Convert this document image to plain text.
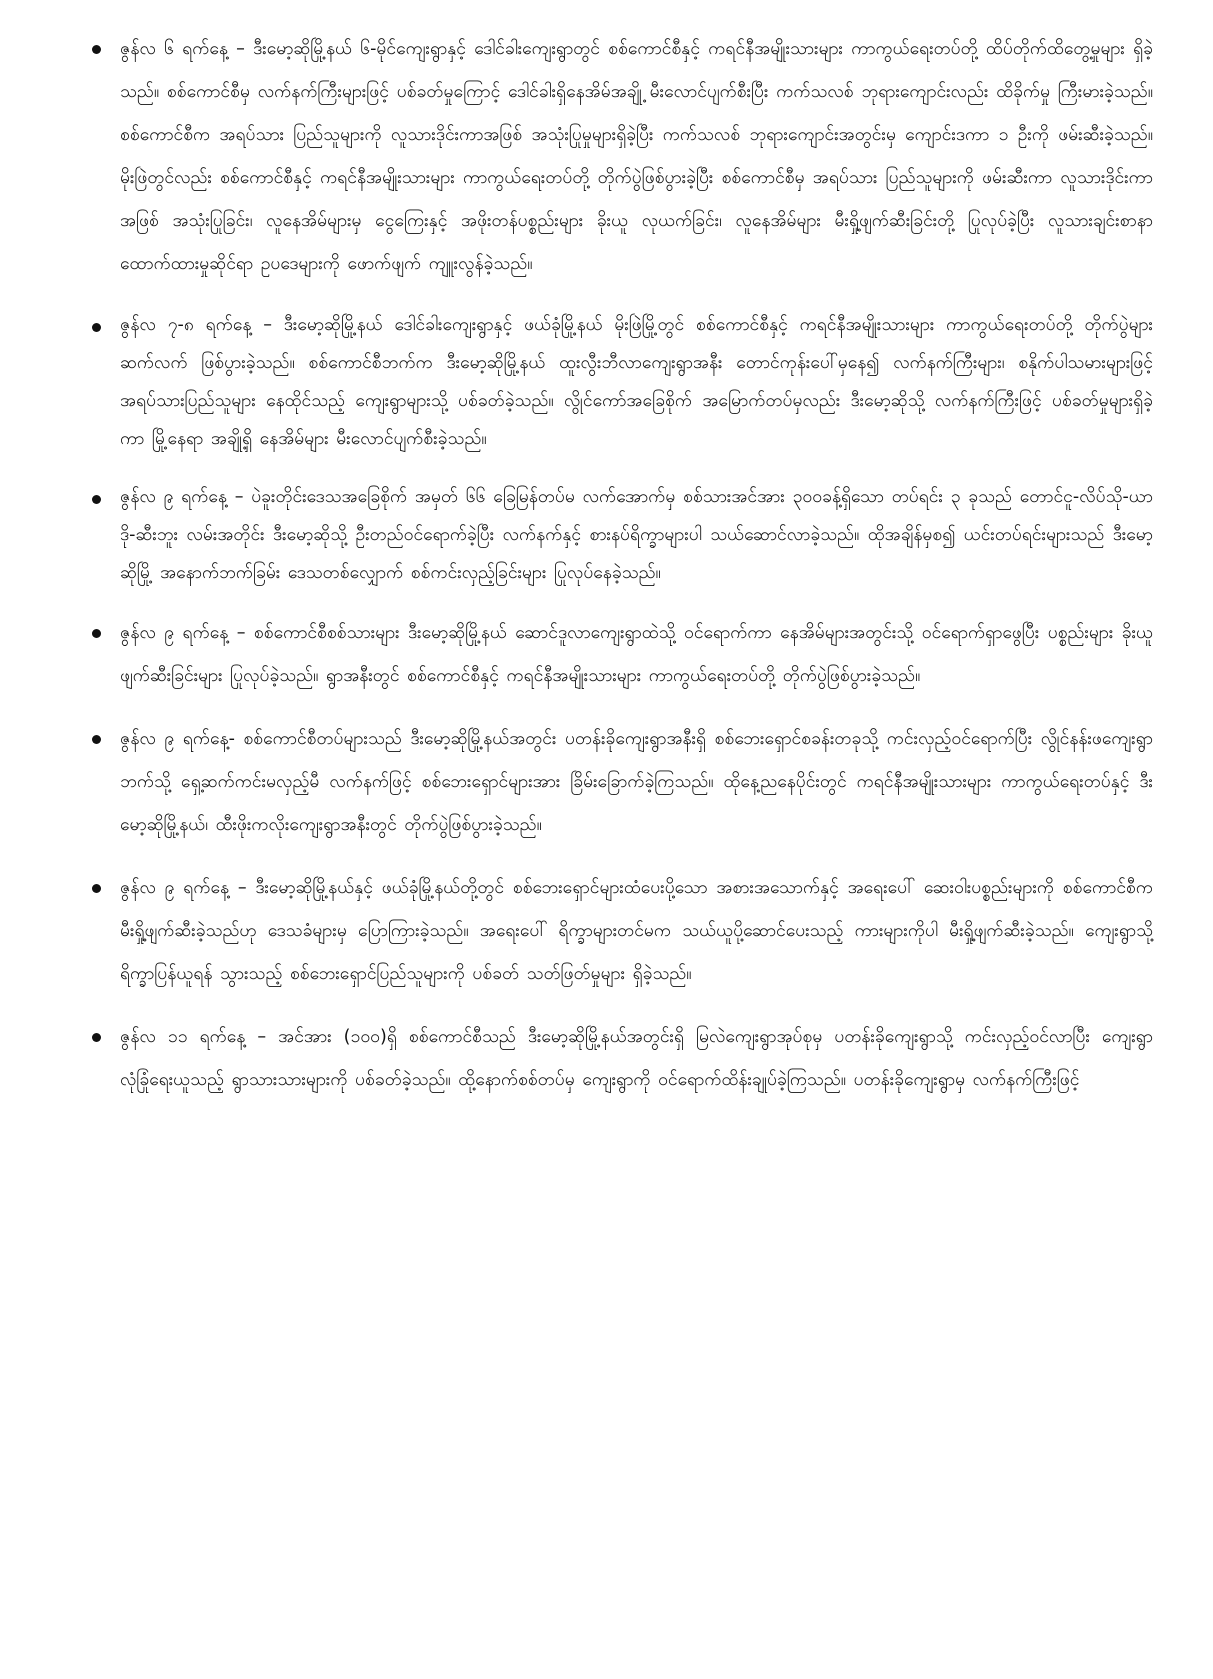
ဇွန်လ ၆ ရက်နေ့ – ဒီးမော့ဆိုမြို့နယ် ၆-မိုင်ကျေးရွာနှင့် ဒေါင်ခါးကျေးရွာတွင် စစ်ကောင်စီနှင့် ကရင်နီအမျိုးသားများ ကာကွယ်ရေးတပ်တို့ ထိပ်တိုက်ထိတွေ့မှုများ ရှိခဲ့သည်။ စစ်ကောင်စီမှ လက်နက်ကြီးများဖြင့် ပစ်ခတ်မှုကြောင့် ဒေါင်ခါးရှိနေအိမ်အချို့ မီးလောင်ပျက်စီးပြီး ကက်သလစ် ဘုရားကျောင်းလည်း ထိခိုက်မှု ကြီးမားခဲ့သည်။ စစ်ကောင်စီက အရပ်သား ပြည်သူများကို လူသားဒိုင်းကာအဖြစ် အသုံးပြုမှုများရှိခဲ့ပြီး ကက်သလစ် ဘုရားကျောင်းအတွင်းမှ ကျောင်းဒကာ ၁ ဦးကို ဖမ်းဆီးခဲ့သည်။ မိုးဖြဲတွင်လည်း စစ်ကောင်စီနှင့် ကရင်နီအမျိုးသားများ ကာကွယ်ရေးတပ်တို့ တိုက်ပွဲဖြစ်ပွားခဲ့ပြီး စစ်ကောင်စီမှ အရပ်သား ပြည်သူများကို ဖမ်းဆီးကာ လူသားဒိုင်းကာအဖြစ် အသုံးပြုခြင်း၊ လူနေအိမ်များမှ ငွေကြေးနှင့် အဖိုးတန်ပစ္စည်းများ ခိုးယူ လုယက်ခြင်း၊ လူနေအိမ်များ မီးရှို့ဖျက်ဆီးခြင်းတို့ ပြုလုပ်ခဲ့ပြီး လူသားချင်းစာနာထောက်ထားမှုဆိုင်ရာ ဥပဒေများကို ဖောက်ဖျက် ကျူးလွန်ခဲ့သည်။
ဇွန်လ ၇-၈ ရက်နေ့ – ဒီးမော့ဆိုမြို့နယ် ဒေါင်ခါးကျေးရွာနှင့် ဖယ်ခုံမြို့နယ် မိုးဖြဲမြို့တွင် စစ်ကောင်စီနှင့် ကရင်နီအမျိုးသားများ ကာကွယ်ရေးတပ်တို့ တိုက်ပွဲများ ဆက်လက် ဖြစ်ပွားခဲ့သည်။ စစ်ကောင်စီဘက်က ဒီးမော့ဆိုမြို့နယ် ထူးလွီးဘီလာကျေးရွာအနီး တောင်ကုန်းပေါ်မှနေ၍ လက်နက်ကြီးများ၊ စနိုက်ပါသမားများဖြင့် အရပ်သားပြည်သူများ နေထိုင်သည့် ကျေးရွာများသို့ ပစ်ခတ်ခဲ့သည်။ လွိုင်ကော်အခြေစိုက် အမြောက်တပ်မှလည်း ဒီးမော့ဆိုသို့ လက်နက်ကြီးဖြင့် ပစ်ခတ်မှုများရှိခဲ့ကာ မြို့နေရာ အချို့ရှိ နေအိမ်များ မီးလောင်ပျက်စီးခဲ့သည်။
ဇွန်လ ၉ ရက်နေ့ – ပဲခူးတိုင်းဒေသအခြေစိုက် အမှတ် ၆၆ ခြေမြန်တပ်မ လက်အောက်မှ စစ်သားအင်အား ၃၀၀ခန့်ရှိသော တပ်ရင်း ၃ ခုသည် တောင်ငူ-လိပ်သို-ယာဒို-ဆီးဘူး လမ်းအတိုင်း ဒီးမော့ဆိုသို့ ဦးတည်ဝင်ရောက်ခဲ့ပြီး လက်နက်နှင့် စားနပ်ရိက္ခာများပါ သယ်ဆောင်လာခဲ့သည်။ ထိုအချိန်မှစ၍ ယင်းတပ်ရင်းများသည် ဒီးမော့ဆိုမြို့ အနောက်ဘက်ခြမ်း ဒေသတစ်လျှောက် စစ်ကင်းလှည့်ခြင်းများ ပြုလုပ်နေခဲ့သည်။
ဇွန်လ ၉ ရက်နေ့ – စစ်ကောင်စီစစ်သားများ ဒီးမော့ဆိုမြို့နယ် ဆောင်ဒူလာကျေးရွာထဲသို့ ဝင်ရောက်ကာ နေအိမ်များအတွင်းသို့ ဝင်ရောက်ရှာဖွေပြီး ပစ္စည်းများ ခိုးယူဖျက်ဆီးခြင်းများ ပြုလုပ်ခဲ့သည်။ ရွာအနီးတွင် စစ်ကောင်စီနှင့် ကရင်နီအမျိုးသားများ ကာကွယ်ရေးတပ်တို့ တိုက်ပွဲဖြစ်ပွားခဲ့သည်။
ဇွန်လ ၉ ရက်နေ့- စစ်ကောင်စီတပ်များသည် ဒီးမော့ဆိုမြို့နယ်အတွင်း ပတန်းခိုကျေးရွာအနီးရှိ စစ်ဘေးရှောင်စခန်းတခုသို့ ကင်းလှည့်ဝင်ရောက်ပြီး လွိုင်နန်းဖကျေးရွာဘက်သို့ ရှေ့ဆက်ကင်းမလှည့်မီ လက်နက်ဖြင့် စစ်ဘေးရှောင်များအား ခြိမ်းခြောက်ခဲ့ကြသည်။ ထိုနေ့ညနေပိုင်းတွင် ကရင်နီအမျိုးသားများ ကာကွယ်ရေးတပ်နှင့် ဒီးမော့ဆိုမြို့နယ်၊ ထီးဖိုးကလိုးကျေးရွာအနီးတွင် တိုက်ပွဲဖြစ်ပွားခဲ့သည်။
ဇွန်လ ၉ ရက်နေ့ – ဒီးမော့ဆိုမြို့နယ်နှင့် ဖယ်ခုံမြို့နယ်တို့တွင် စစ်ဘေးရှောင်များထံပေးပို့သော အစားအသောက်နှင့် အရေးပေါ် ဆေးဝါးပစ္စည်းများကို စစ်ကောင်စီက မီးရှို့ဖျက်ဆီးခဲ့သည်ဟု ဒေသခံများမှ ပြောကြားခဲ့သည်။ အရေးပေါ် ရိက္ခာများတင်မက သယ်ယူပို့ဆောင်ပေးသည့် ကားများကိုပါ မီးရှို့ဖျက်ဆီးခဲ့သည်။ ကျေးရွာသို့ ရိက္ခာပြန်ယူရန် သွားသည့် စစ်ဘေးရှောင်ပြည်သူများကို ပစ်ခတ် သတ်ဖြတ်မှုများ ရှိခဲ့သည်။
ဇွန်လ ၁၁ ရက်နေ့ – အင်အား (၁၀၀)ရှိ စစ်ကောင်စီသည် ဒီးမော့ဆိုမြို့နယ်အတွင်းရှိ မြလဲကျေးရွာအုပ်စုမှ ပတန်းခိုကျေးရွာသို့ ကင်းလှည့်ဝင်လာပြီး ကျေးရွာလုံခြုံရေးယူသည့် ရွာသားသားများကို ပစ်ခတ်ခဲ့သည်။ ထို့နောက်စစ်တပ်မှ ကျေးရွာကို ဝင်ရောက်ထိန်းချုပ်ခဲ့ကြသည်။ ပတန်းခိုကျေးရွာမှ လက်နက်ကြီးဖြင့်
